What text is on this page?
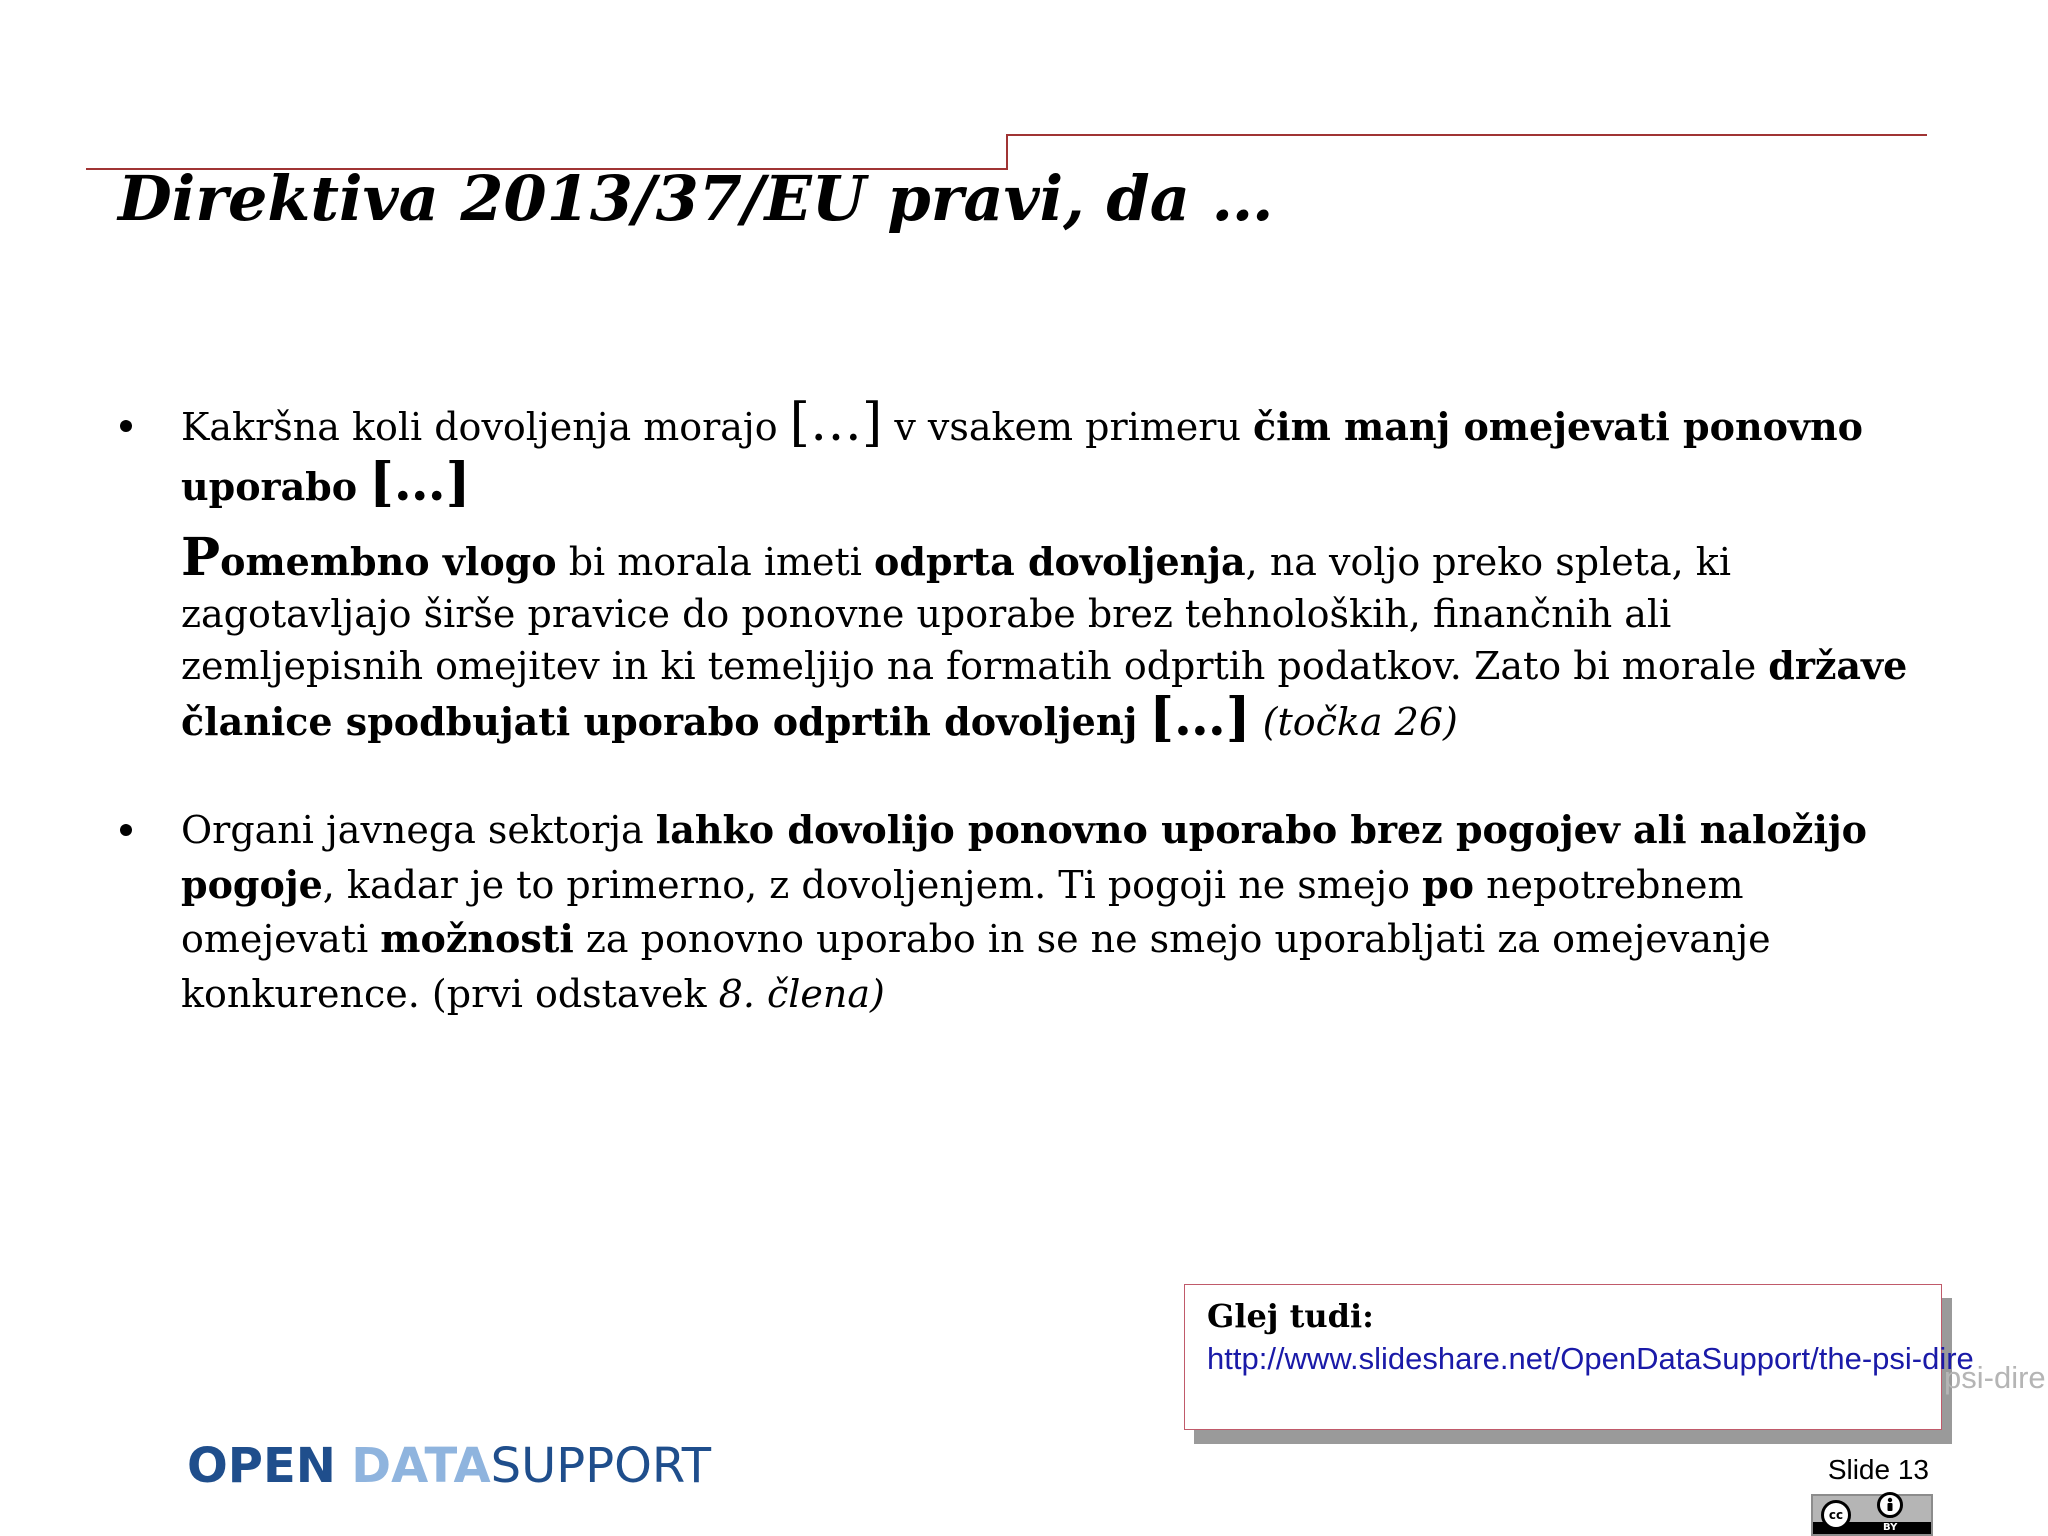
Direktiva 2013/37/EU pravi, da …

Kakršna koli dovoljenja morajo […] v vsakem primeru čim manj omejevati ponovno uporabo […]

Pomembno vlogo bi morala imeti odprta dovoljenja, na voljo preko spleta, ki zagotavljajo širše pravice do ponovne uporabe brez tehnoloških, finančnih ali zemljepisnih omejitev in ki temeljijo na formatih odprtih podatkov. Zato bi morale države članice spodbujati uporabo odprtih dovoljenj […] (točka 26)

Organi javnega sektorja lahko dovolijo ponovno uporabo brez pogojev ali naložijo pogoje, kadar je to primerno, z dovoljenjem. Ti pogoji ne smejo po nepotrebnem omejevati možnosti za ponovno uporabo in se ne smejo uporabljati za omejevanje konkurence. (prvi odstavek 8. člena)

Glej tudi:
http://www.slideshare.net/OpenDataSupport/the-psi-dire
psi-dire
OPEN DATASUPPORT	Slide 13
cc
BY
